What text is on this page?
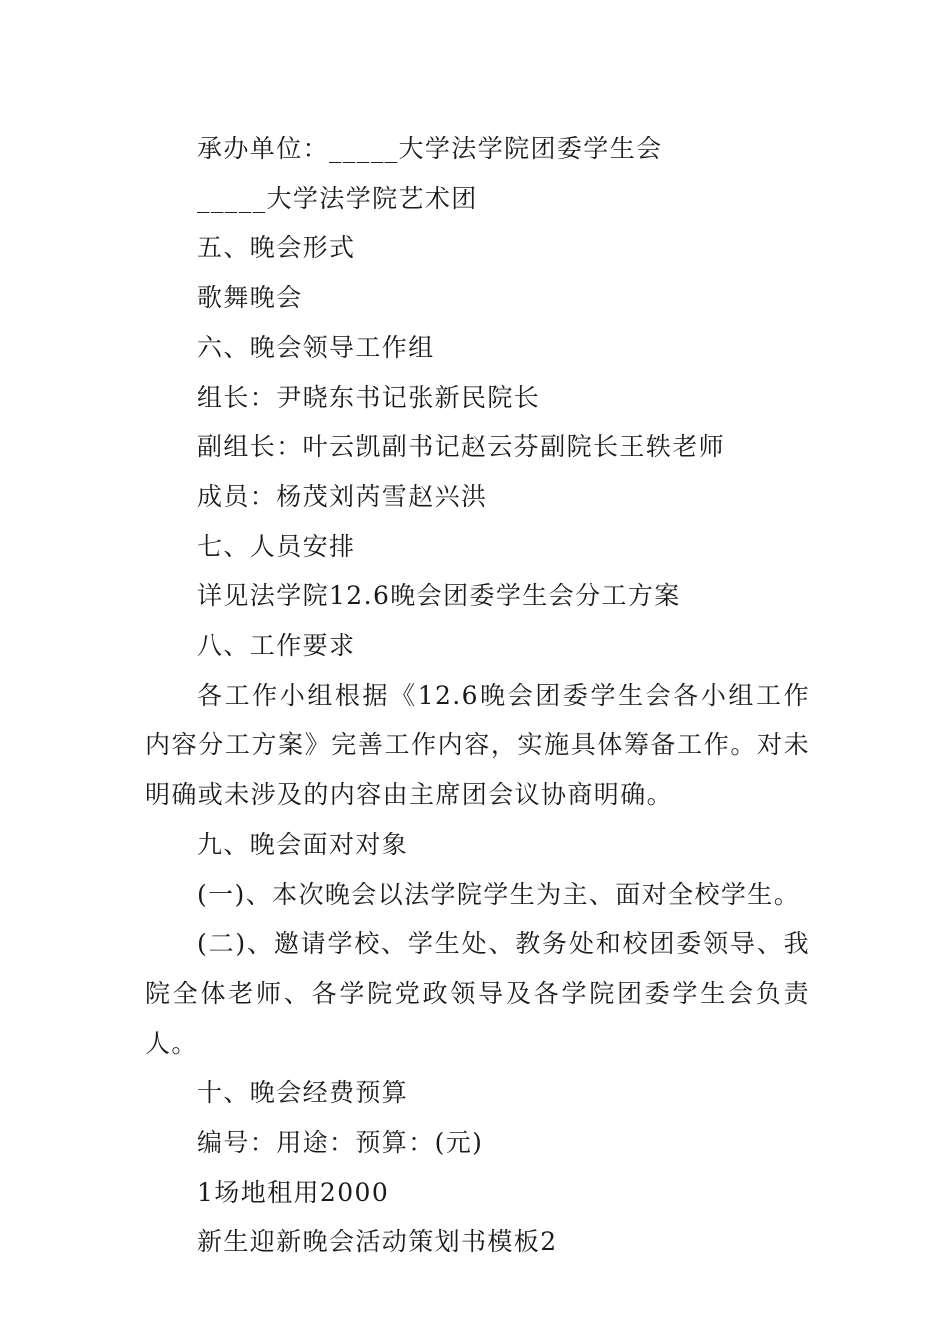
承办单位：_____大学法学院团委学生会

_____大学法学院艺术团

五、晚会形式

歌舞晚会

六、晚会领导工作组

组长：尹晓东书记张新民院长

副组长：叶云凯副书记赵云芬副院长王轶老师

成员：杨茂刘芮雪赵兴洪

七、人员安排

详见法学院12.6晚会团委学生会分工方案

八、工作要求

各工作小组根据《12.6晚会团委学生会各小组工作内容分工方案》完善工作内容，实施具体筹备工作。对未明确或未涉及的内容由主席团会议协商明确。

九、晚会面对对象

(一)、本次晚会以法学院学生为主、面对全校学生。

(二)、邀请学校、学生处、教务处和校团委领导、我院全体老师、各学院党政领导及各学院团委学生会负责人。

十、晚会经费预算

编号：用途：预算：(元)

1场地租用2000

新生迎新晚会活动策划书模板2
